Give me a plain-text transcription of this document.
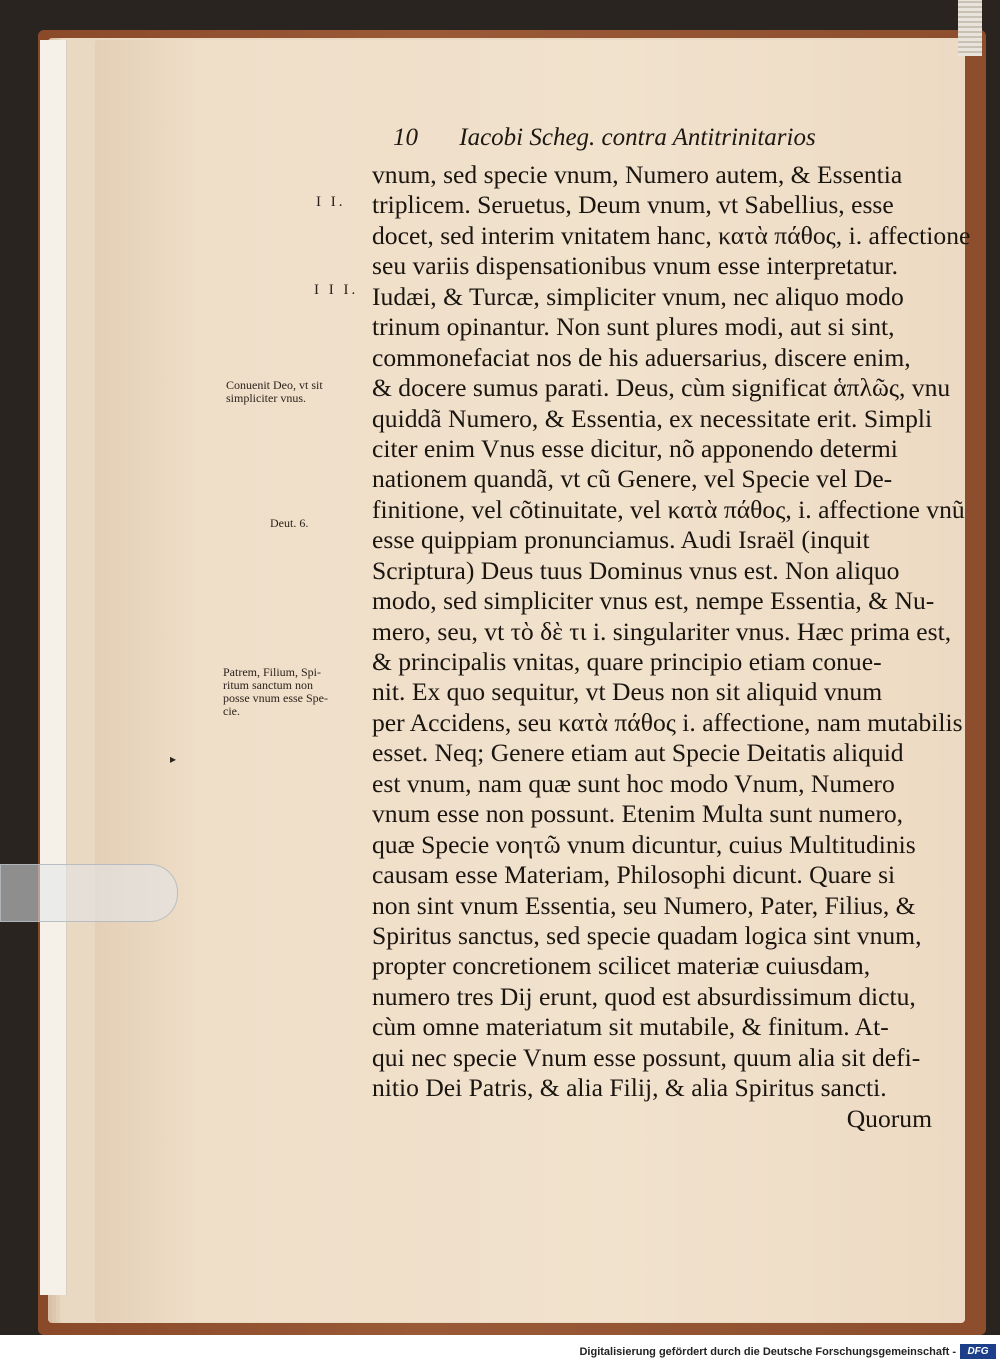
10 Iacobi Scheg. contra Antitrinitarios
I I.
I I I.
Conuenit Deo, vt sit
simpliciter vnus.
Deut. 6.
Patrem, Filium, Spi-
ritum sanctum non
posse vnum esse Spe-
cie.
▸
vnum, sed specie vnum, Numero autem, & Essentia
triplicem. Seruetus, Deum vnum, vt Sabellius, esse
docet, sed interim vnitatem hanc, κατὰ πάθος, i. affectione
seu variis dispensationibus vnum esse interpretatur.
Iudæi, & Turcæ, simpliciter vnum, nec aliquo modo
trinum opinantur. Non sunt plures modi, aut si sint,
commonefaciat nos de his aduersarius, discere enim,
& docere sumus parati. Deus, cùm significat ἁπλῶς, vnu
quiddã Numero, & Essentia, ex necessitate erit. Simpli
citer enim Vnus esse dicitur, nõ apponendo determi
nationem quandã, vt cũ Genere, vel Specie vel De-
finitione, vel cõtinuitate, vel κατὰ πάθος, i. affectione vnũ
esse quippiam pronunciamus. Audi Israël (inquit
Scriptura) Deus tuus Dominus vnus est. Non aliquo
modo, sed simpliciter vnus est, nempe Essentia, & Nu-
mero, seu, vt τὸ δὲ τι i. singulariter vnus. Hæc prima est,
& principalis vnitas, quare principio etiam conue-
nit. Ex quo sequitur, vt Deus non sit aliquid vnum
per Accidens, seu κατὰ πάθος i. affectione, nam mutabilis
esset. Neq; Genere etiam aut Specie Deitatis aliquid
est vnum, nam quæ sunt hoc modo Vnum, Numero
vnum esse non possunt. Etenim Multa sunt numero,
quæ Specie νοητῶ vnum dicuntur, cuius Multitudinis
causam esse Materiam, Philosophi dicunt. Quare si
non sint vnum Essentia, seu Numero, Pater, Filius, &
Spiritus sanctus, sed specie quadam logica sint vnum,
propter concretionem scilicet materiæ cuiusdam,
numero tres Dij erunt, quod est absurdissimum dictu,
cùm omne materiatum sit mutabile, & finitum. At-
qui nec specie Vnum esse possunt, quum alia sit defi-
nitio Dei Patris, & alia Filij, & alia Spiritus sancti.
Quorum
Digitalisierung gefördert durch die Deutsche Forschungsgemeinschaft -	DFG
